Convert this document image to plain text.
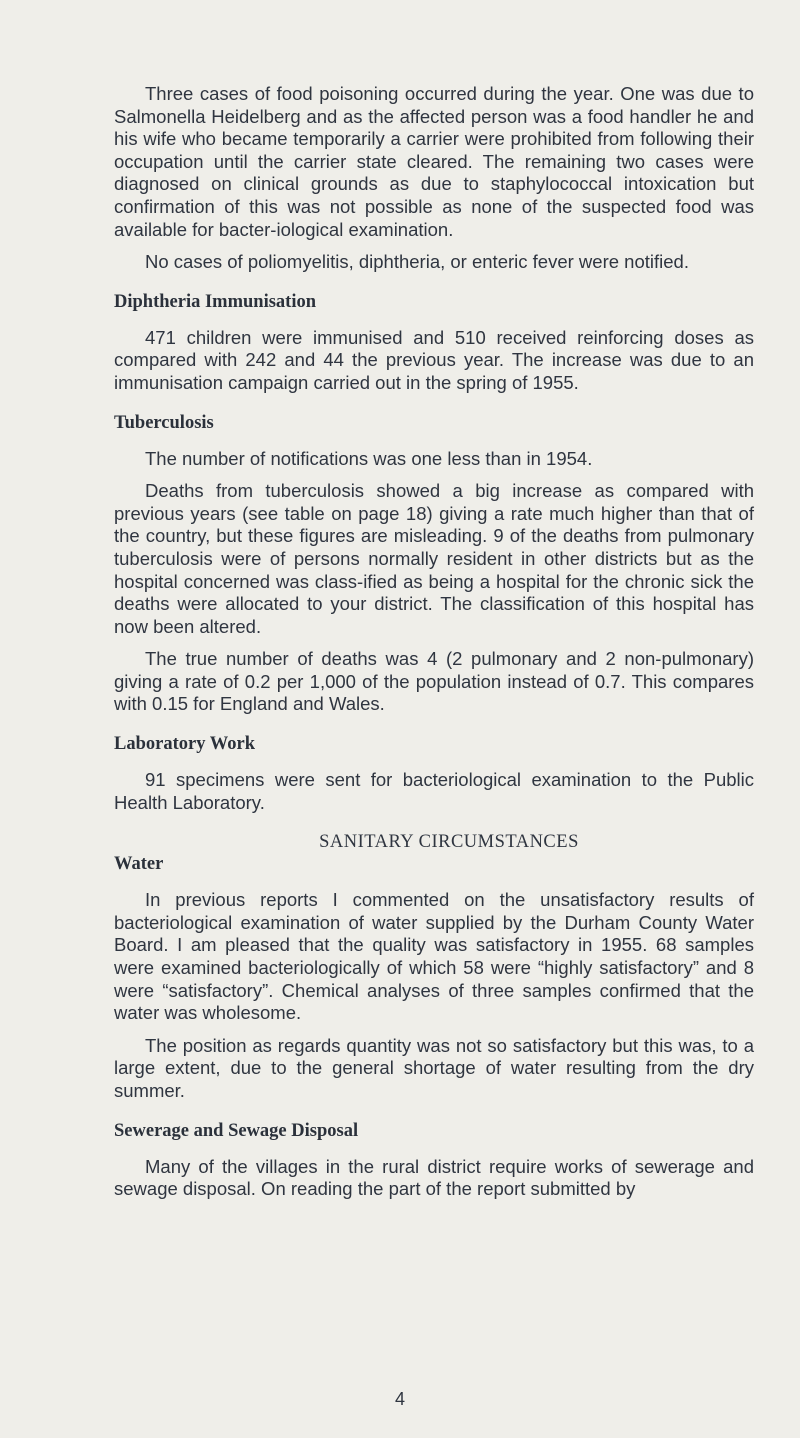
Three cases of food poisoning occurred during the year. One was due to Salmonella Heidelberg and as the affected person was a food handler he and his wife who became temporarily a carrier were prohibited from following their occupation until the carrier state cleared. The remaining two cases were diagnosed on clinical grounds as due to staphylococcal intoxication but confirmation of this was not possible as none of the suspected food was available for bacter-iological examination.

No cases of poliomyelitis, diphtheria, or enteric fever were notified.

Diphtheria Immunisation

471 children were immunised and 510 received reinforcing doses as compared with 242 and 44 the previous year. The increase was due to an immunisation campaign carried out in the spring of 1955.

Tuberculosis

The number of notifications was one less than in 1954.

Deaths from tuberculosis showed a big increase as compared with previous years (see table on page 18) giving a rate much higher than that of the country, but these figures are misleading. 9 of the deaths from pulmonary tuberculosis were of persons normally resident in other districts but as the hospital concerned was class-ified as being a hospital for the chronic sick the deaths were allocated to your district. The classification of this hospital has now been altered.

The true number of deaths was 4 (2 pulmonary and 2 non-pulmonary) giving a rate of 0.2 per 1,000 of the population instead of 0.7. This compares with 0.15 for England and Wales.

Laboratory Work

91 specimens were sent for bacteriological examination to the Public Health Laboratory.

SANITARY CIRCUMSTANCES
Water

In previous reports I commented on the unsatisfactory results of bacteriological examination of water supplied by the Durham County Water Board. I am pleased that the quality was satisfactory in 1955. 68 samples were examined bacteriologically of which 58 were “highly satisfactory” and 8 were “satisfactory”. Chemical analyses of three samples confirmed that the water was wholesome.

The position as regards quantity was not so satisfactory but this was, to a large extent, due to the general shortage of water resulting from the dry summer.

Sewerage and Sewage Disposal

Many of the villages in the rural district require works of sewerage and sewage disposal. On reading the part of the report submitted by

4
